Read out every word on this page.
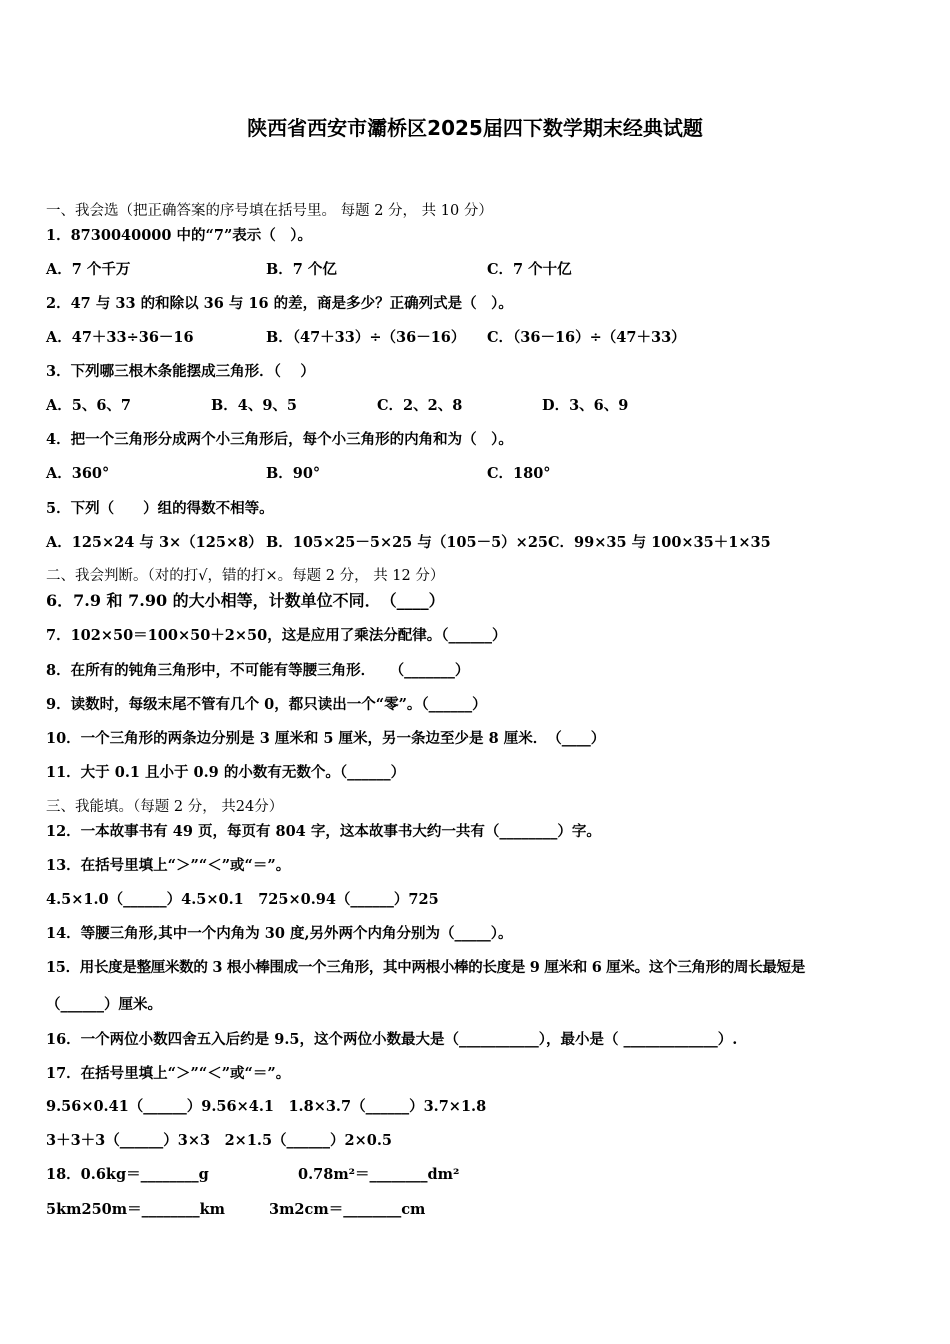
陕西省西安市灞桥区2025届四下数学期末经典试题
一、我会选（把正确答案的序号填在括号里。 每题 2 分， 共 10 分）
1．8730040000 中的“7”表示（　）。
A．7 个千万	B．7 个亿	C．7 个十亿
2．47 与 33 的和除以 36 与 16 的差，商是多少？正确列式是（　）。
A．47＋33÷36－16	B．（47＋33）÷（36－16） C．（36－16）÷（47＋33）
3．下列哪三根木条能摆成三角形．（　 ）
A．5、6、7	B．4、9、5	C．2、2、8	D．3、6、9
4．把一个三角形分成两个小三角形后，每个小三角形的内角和为（　）。
A．360°	B．90°	C．180°
5．下列（　　）组的得数不相等。
A．125×24 与 3×（125×8） B．105×25－5×25 与（105－5）×25 C．99×35 与 100×35＋1×35
二、我会判断。（对的打√，错的打×。每题 2 分， 共 12 分）
6．7.9 和 7.90 的大小相等，计数单位不同．　（____）
7．102×50＝100×50＋2×50，这是应用了乘法分配律。（______）
8．在所有的钝角三角形中，不可能有等腰三角形．　　（_______）
9．读数时，每级末尾不管有几个 0，都只读出一个“零”。（______）
10．一个三角形的两条边分别是 3 厘米和 5 厘米，另一条边至少是 8 厘米．　（____）
11．大于 0.1 且小于 0.9 的小数有无数个。（______）
三、我能填。（每题 2 分， 共24分）
12．一本故事书有 49 页，每页有 804 字，这本故事书大约一共有（________）字。
13．在括号里填上“＞”“＜”或“＝”。
4.5×1.0（______）4.5×0.1　725×0.94（______）725
14．等腰三角形,其中一个内角为 30 度,另外两个内角分别为（_____）。
15．用长度是整厘米数的 3 根小棒围成一个三角形，其中两根小棒的长度是 9 厘米和 6 厘米。这个三角形的周长最短是
（______）厘米。
16．一个两位小数四舍五入后约是 9.5，这个两位小数最大是（___________），最小是（ _____________）.
17．在括号里填上“＞”“＜”或“＝”。
9.56×0.41（______）9.56×4.1　1.8×3.7（______）3.7×1.8
3＋3＋3（______）3×3　2×1.5（______）2×0.5
18．0.6kg＝________g	0.78m²＝________dm²
5km250m＝________km	3m2cm＝________cm
